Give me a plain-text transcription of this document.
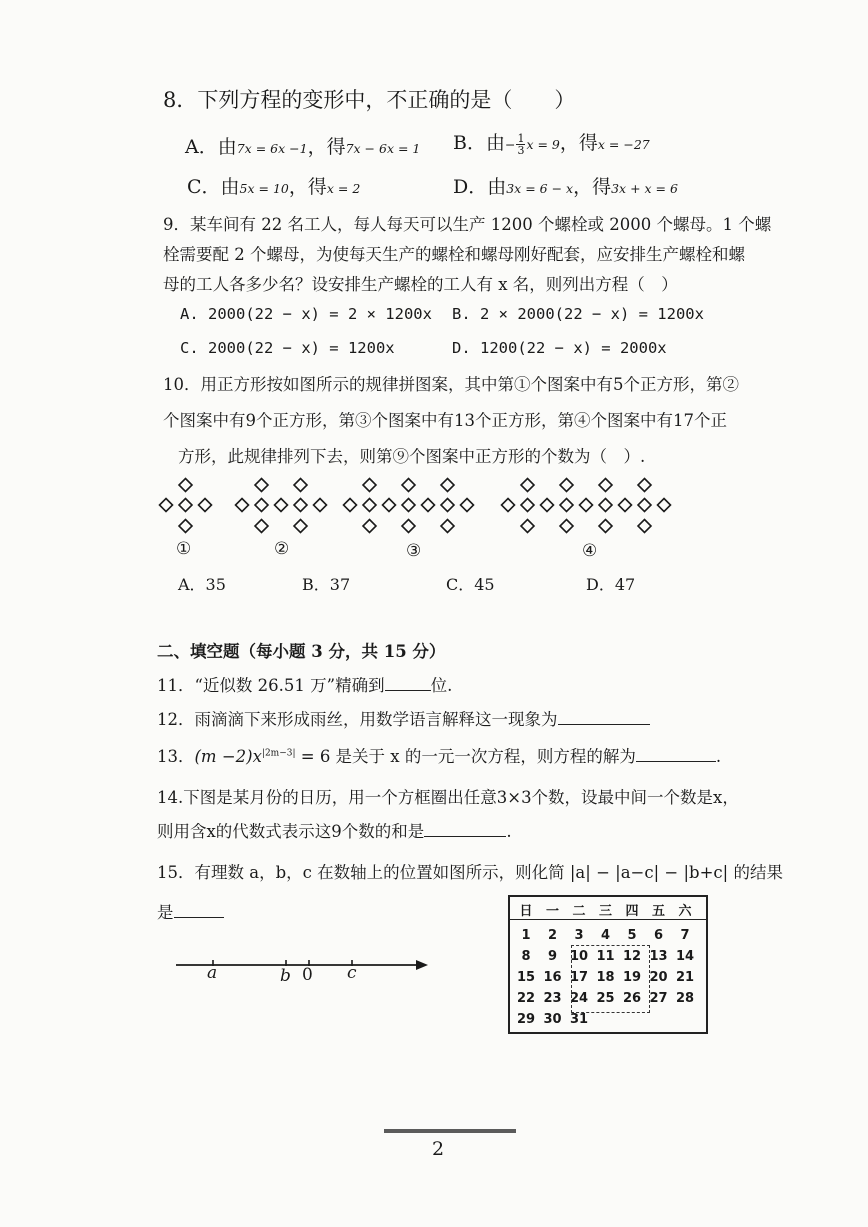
8．下列方程的变形中，不正确的是（　　）
A．由7x = 6x −1，得7x − 6x = 1 B．由− $\frac{1}{3}$ x = 9，得x = −27
C．由5x = 10，得x = 2	D．由3x = 6 − x，得3x + x = 6
9．某车间有 22 名工人，每人每天可以生产 1200 个螺栓或 2000 个螺母。1 个螺
栓需要配 2 个螺母，为使每天生产的螺栓和螺母刚好配套，应安排生产螺栓和螺
母的工人各多少名？设安排生产螺栓的工人有 x 名，则列出方程（　）
A. 2000(22 − x) = 2 × 1200x B. 2 × 2000(22 − x) = 1200x
C. 2000(22 − x) = 1200x	D. 1200(22 − x) = 2000x
10．用正方形按如图所示的规律拼图案，其中第①个图案中有5个正方形，第②
个图案中有9个正方形，第③个图案中有13个正方形，第④个图案中有17个正
方形，此规律排列下去，则第⑨个图案中正方形的个数为（　）.
①	②	③	④
A．35	B．37	C．45	D．47
二、填空题（每小题 3 分，共 15 分）
11．“近似数 26.51 万”精确到	位.
12．雨滴滴下来形成雨丝，用数学语言解释这一现象为
13．$(m -2)x^{|2m-3|} = 6$ 是关于 x 的一元一次方程，则方程的解为	.
14.下图是某月份的日历，用一个方框圈出任意3×3个数，设最中间一个数是x，
则用含x的代数式表示这9个数的和是	.
15．有理数 a，b，c 在数轴上的位置如图所示，则化简 |a| − |a−c| − |b+c| 的结果
是
a	b 0 c
日	一	二	三	四	五	六
1	2	3	4	5	6	7
8	9 10 11 12 13 14
15 16 17 18 19 20 21
22 23 24 25 26 27 28
29 30 31
2
